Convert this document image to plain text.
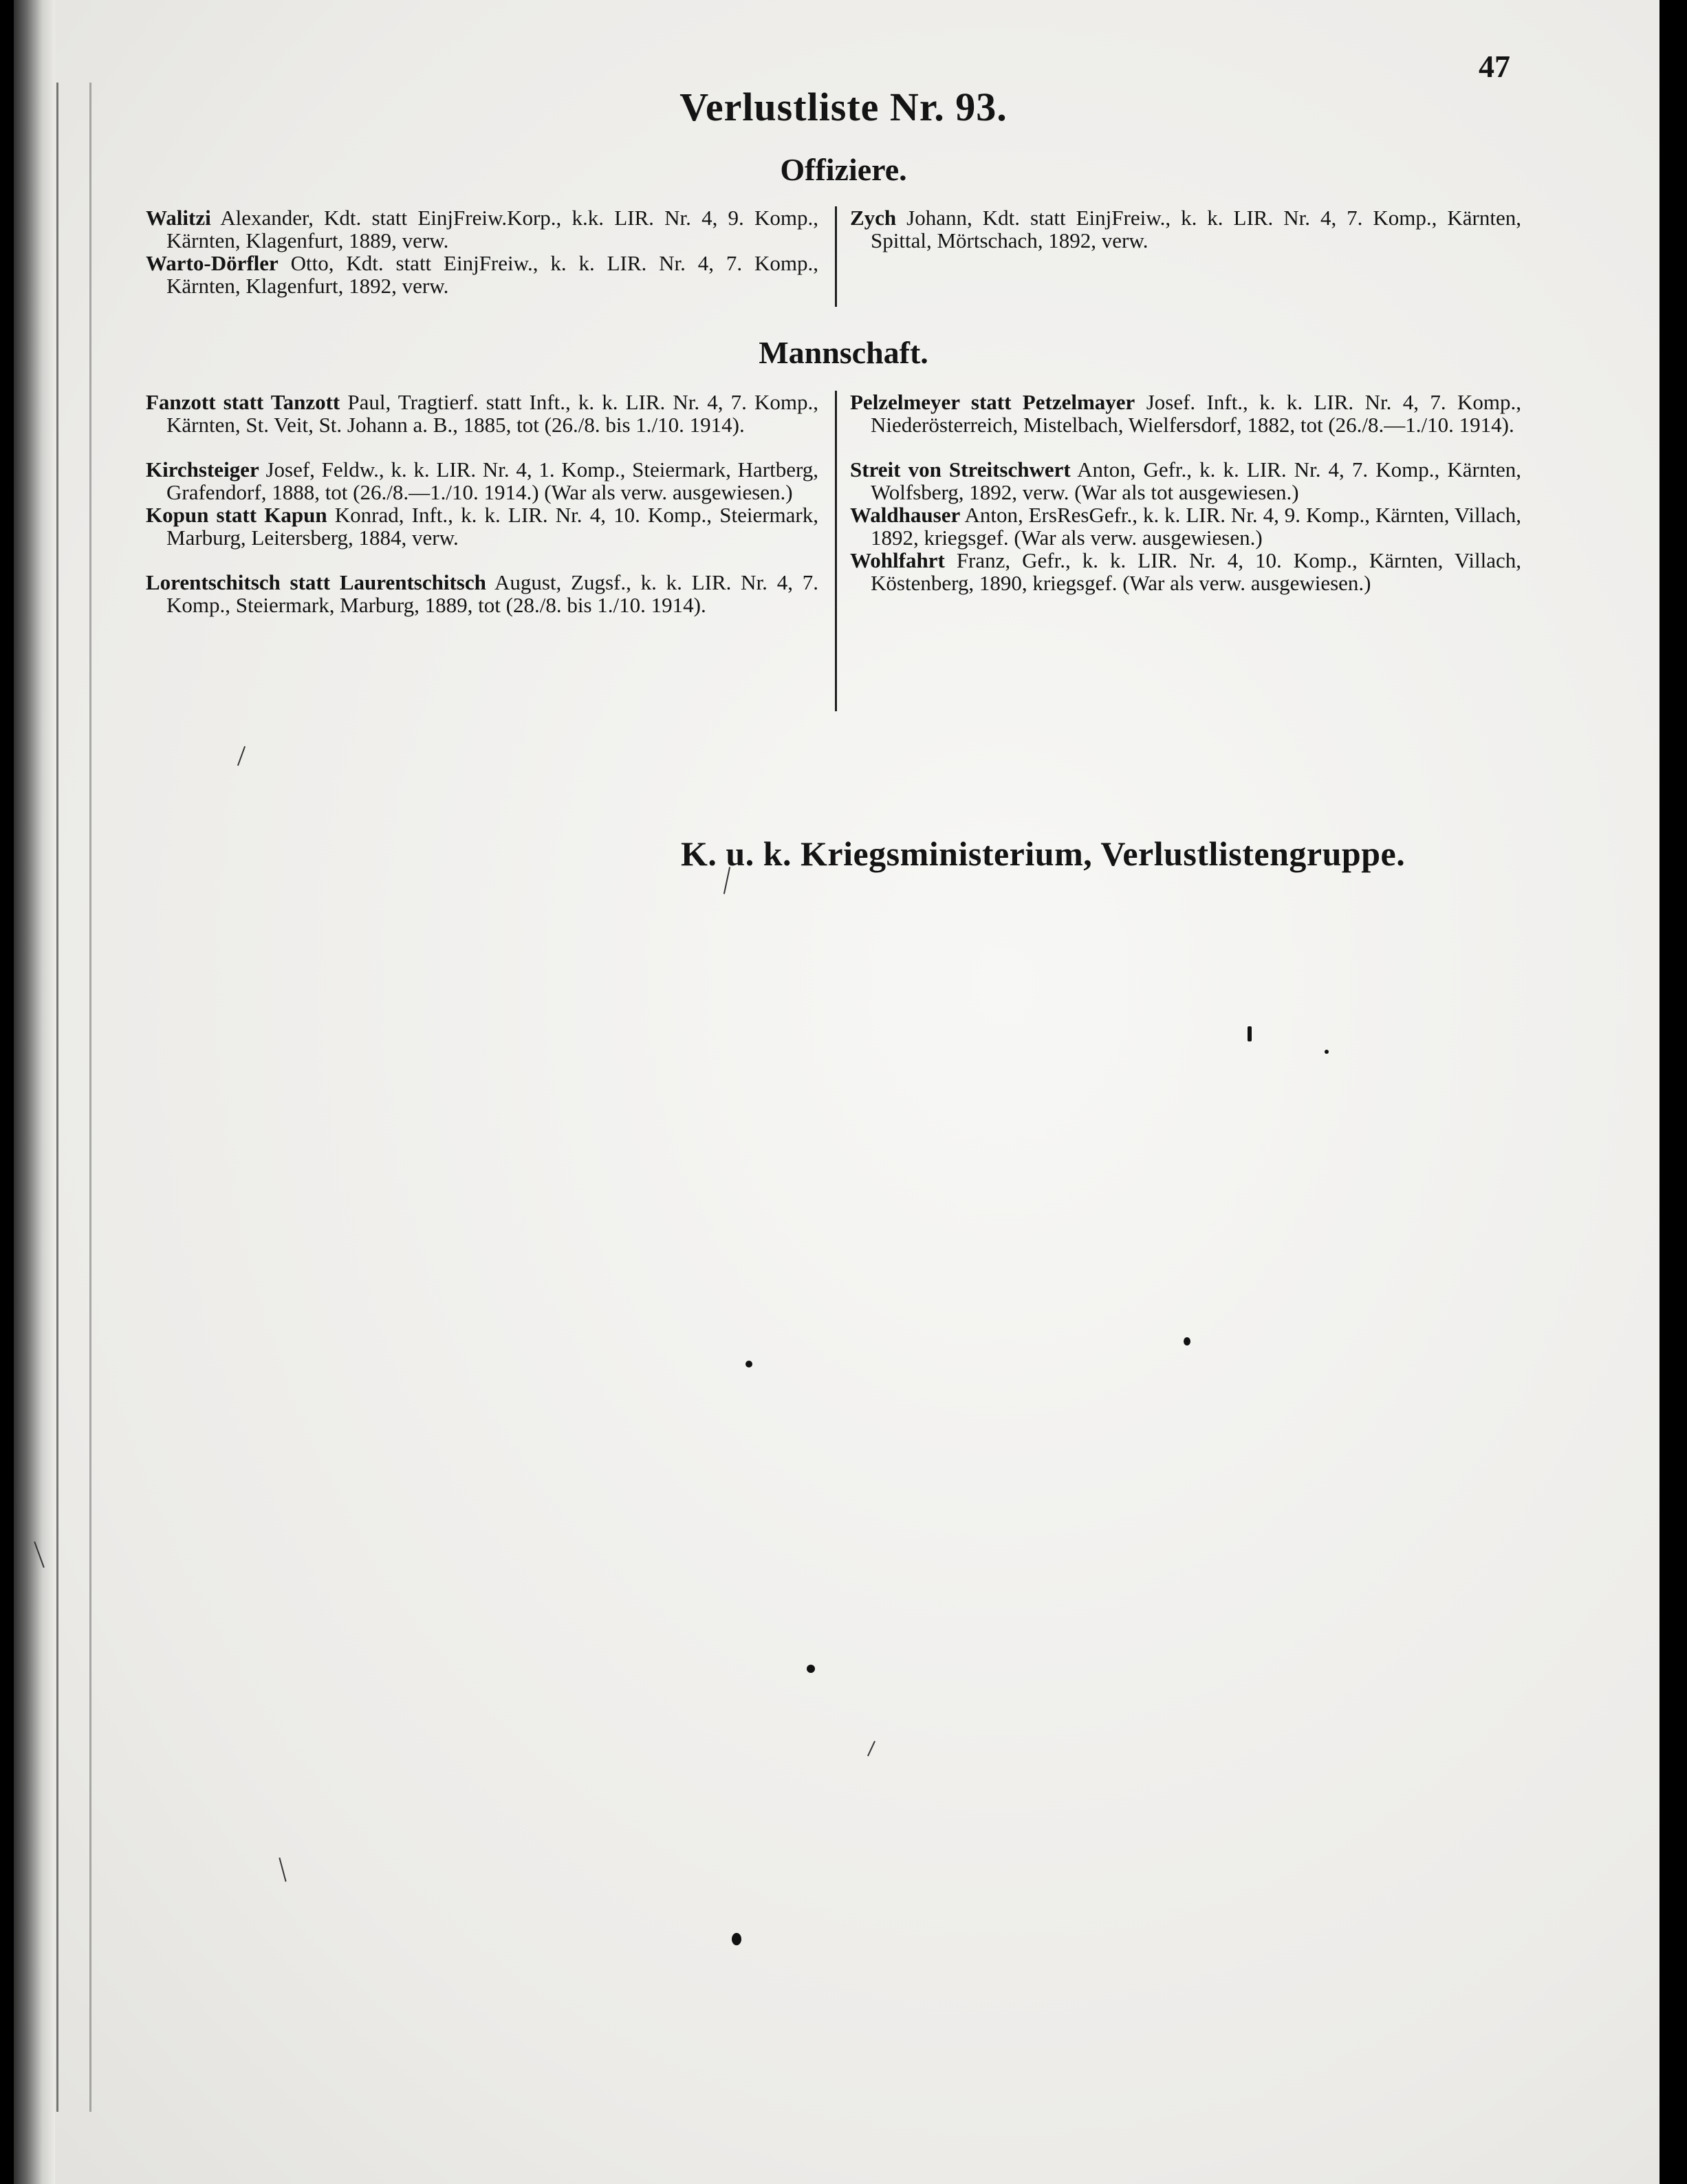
47
Verlustliste Nr. 93.
Offiziere.

Walitzi Alexander, Kdt. statt EinjFreiw.Korp., k.k. LIR. Nr. 4, 9. Komp., Kärnten, Klagenfurt, 1889, verw.

Warto-Dörfler Otto, Kdt. statt EinjFreiw., k. k. LIR. Nr. 4, 7. Komp., Kärnten, Klagenfurt, 1892, verw.

Zych Johann, Kdt. statt EinjFreiw., k. k. LIR. Nr. 4, 7. Komp., Kärnten, Spittal, Mörtschach, 1892, verw.

Mannschaft.

Fanzott statt Tanzott Paul, Tragtierf. statt Inft., k. k. LIR. Nr. 4, 7. Komp., Kärnten, St. Veit, St. Johann a. B., 1885, tot (26./8. bis 1./10. 1914).

Kirchsteiger Josef, Feldw., k. k. LIR. Nr. 4, 1. Komp., Steiermark, Hartberg, Grafendorf, 1888, tot (26./8.—1./10. 1914.) (War als verw. ausgewiesen.)

Kopun statt Kapun Konrad, Inft., k. k. LIR. Nr. 4, 10. Komp., Steiermark, Marburg, Leitersberg, 1884, verw.

Lorentschitsch statt Laurentschitsch August, Zugsf., k. k. LIR. Nr. 4, 7. Komp., Steiermark, Marburg, 1889, tot (28./8. bis 1./10. 1914).

Pelzelmeyer statt Petzelmayer Josef. Inft., k. k. LIR. Nr. 4, 7. Komp., Niederösterreich, Mistelbach, Wielfersdorf, 1882, tot (26./8.—1./10. 1914).

Streit von Streitschwert Anton, Gefr., k. k. LIR. Nr. 4, 7. Komp., Kärnten, Wolfsberg, 1892, verw. (War als tot ausgewiesen.)

Waldhauser Anton, ErsResGefr., k. k. LIR. Nr. 4, 9. Komp., Kärnten, Villach, 1892, kriegsgef. (War als verw. ausgewiesen.)

Wohlfahrt Franz, Gefr., k. k. LIR. Nr. 4, 10. Komp., Kärnten, Villach, Köstenberg, 1890, kriegsgef. (War als verw. ausgewiesen.)

K. u. k. Kriegsministerium, Verlustlistengruppe.
